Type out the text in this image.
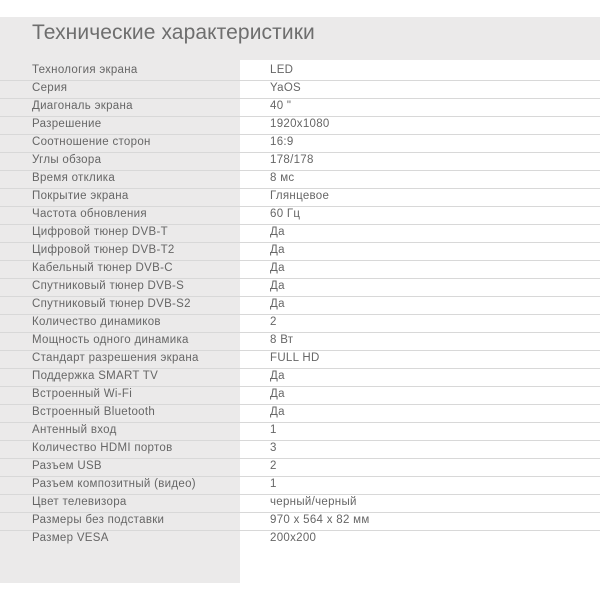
Технические характеристики
Технология экрана	LED
Серия	YaOS
Диагональ экрана	40 "
Разрешение	1920x1080
Соотношение сторон	16:9
Углы обзора	178/178
Время отклика	8 мс
Покрытие экрана	Глянцевое
Частота обновления	60 Гц
Цифровой тюнер DVB-T	Да
Цифровой тюнер DVB-T2	Да
Кабельный тюнер DVB-C	Да
Спутниковый тюнер DVB-S	Да
Спутниковый тюнер DVB-S2	Да
Количество динамиков	2
Мощность одного динамика	8 Вт
Стандарт разрешения экрана	FULL HD
Поддержка SMART TV	Да
Встроенный Wi-Fi	Да
Встроенный Bluetooth	Да
Антенный вход	1
Количество HDMI портов	3
Разъем USB	2
Разъем композитный (видео)	1
Цвет телевизора	черный/черный
Размеры без подставки	970 x 564 x 82 мм
Размер VESA	200x200
